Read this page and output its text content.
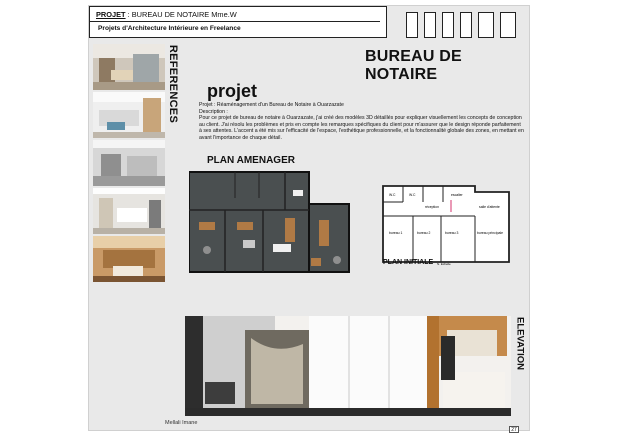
PROJET : BUREAU DE NOTAIRE Mme.W
Projets d'Architecture Intérieure en Freelance
REFERENCES	BUREAU DE NOTAIRE
projet

Projet : Réaménagement d'un Bureau de Notaire à Ouarzazate

Description :

Pour ce projet de bureau de notaire à Ouarzazate, j'ai créé des modèles 3D détaillés pour expliquer visuellement les concepts de conception au client. J'ai résolu les problèmes et pris en compte les remarques spécifiques du client pour m'assurer que le design réponde parfaitement à ses attentes. L'accent a été mis sur l'efficacité de l'espace, l'esthétique professionnelle, et la fonctionnalité globale des zones, en mettant en avant l'importance de chaque détail.

PLAN AMENAGER
W.C	W.C	escalier
réception	salle d'attente
bureau 1	bureau 2	bureau 3	bureau principale
N. Echelle
PLAN INITIALE
ELEVATION
Mellali Imane
27
